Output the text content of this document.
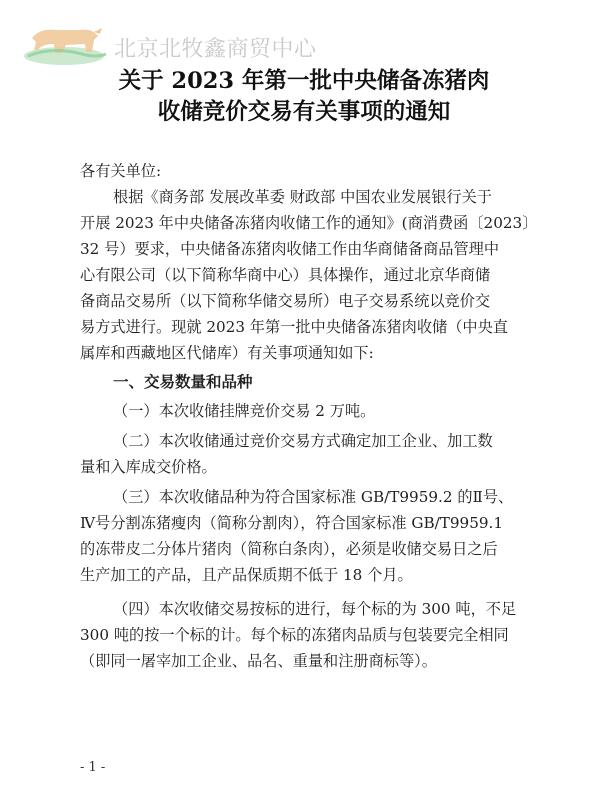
北京北牧鑫商贸中心
关于 2023 年第一批中央储备冻猪肉
收储竞价交易有关事项的通知
各有关单位:
根据《商务部 发展改革委 财政部 中国农业发展银行关于
开展 2023 年中央储备冻猪肉收储工作的通知》(商消费函〔2023〕
32 号）要求，中央储备冻猪肉收储工作由华商储备商品管理中
心有限公司（以下简称华商中心）具体操作，通过北京华商储
备商品交易所（以下简称华储交易所）电子交易系统以竞价交
易方式进行。现就 2023 年第一批中央储备冻猪肉收储（中央直
属库和西藏地区代储库）有关事项通知如下:
一、交易数量和品种
（一）本次收储挂牌竞价交易 2 万吨。
（二）本次收储通过竞价交易方式确定加工企业、加工数
量和入库成交价格。
（三）本次收储品种为符合国家标准 GB/T9959.2 的Ⅱ号、
Ⅳ号分割冻猪瘦肉（简称分割肉），符合国家标准 GB/T9959.1
的冻带皮二分体片猪肉（简称白条肉），必须是收储交易日之后
生产加工的产品，且产品保质期不低于 18 个月。
（四）本次收储交易按标的进行，每个标的为 300 吨，不足
300 吨的按一个标的计。每个标的冻猪肉品质与包装要完全相同
（即同一屠宰加工企业、品名、重量和注册商标等）。
- 1 -
